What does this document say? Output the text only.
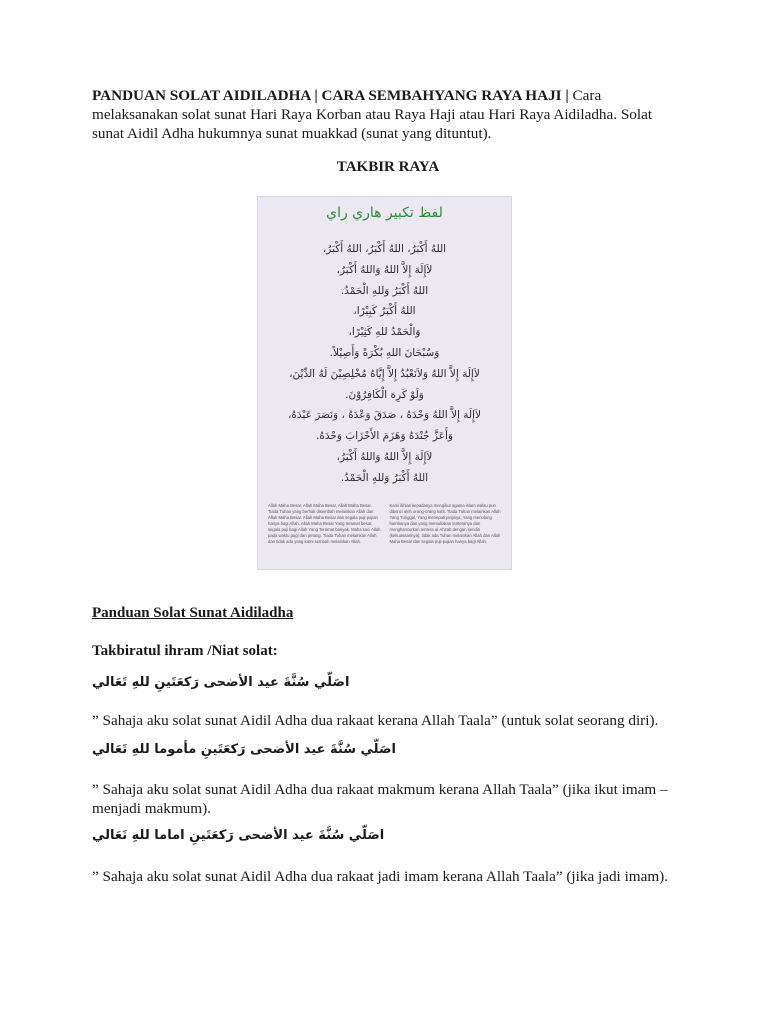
PANDUAN SOLAT AIDILADHA | CARA SEMBAHYANG RAYA HAJI | Cara melaksanakan solat sunat Hari Raya Korban atau Raya Haji atau Hari Raya Aidiladha. Solat sunat Aidil Adha hukumnya sunat muakkad (sunat yang dituntut).

TAKBIR RAYA

لفظ تكبير هاري راي
اللهُ أَكْبَرُ، اللهُ أَكْبَرُ، اللهُ أَكْبَرُ،
لاَإِلَهَ إِلاَّ اللهُ وَاللهُ أَكْبَرُ،
اللهُ أَكْبَرُ وَللهِ الْحَمْدُ.
اللهُ أَكْبَرُ كَبِيْرًا،
وَالْحَمْدُ للهِ كَثِيْرًا،
وَسُبْحَانَ اللهِ بُكْرَةً وَأَصِيْلاً.
لاَإِلَهَ إِلاَّ اللهُ وَلاَنَعْبُدُ إِلاَّ إِيَّاهُ مُخْلِصِيْنَ لَهُ الدِّيْنَ،
وَلَوْ كَرِهَ الْكَافِرُوْنَ.
لاَإِلَهَ إِلاَّ اللهُ وَحْدَهُ ، صَدَقَ وَعْدَهُ ، وَنَصَرَ عَبْدَهُ،
وَأَعَزَّ جُنْدَهُ وَهَزَمَ الأَحْزَابَ وَحْدَهُ.
لاَإِلَهَ إِلاَّ اللهُ وَاللهُ أَكْبَرُ،
اللهُ أَكْبَرُ وَللهِ الْحَمْدُ.
Allah Maha Besar, Allah Maha Besar, Allah Maha Besar. Tiada Tuhan yang berhak disembah melainkan Allah dan Allah Maha Besar. Allah Maha Besar dan segala puji-pujian hanya bagi Allah. Allah Maha Besar Yang teramat besar, segala puji bagi Allah Yang Teramat banyak. Maha suci Allah pada waktu pagi dan petang. Tiada Tuhan melainkan Allah dan tidak ada yang kami sembah melainkan Allah.
Kami ikhlas kepadanya mengikut agama islam walau pun dibenci oleh orang-orang kafir. Tiada Tuhan melainkan Allah Yang Tunggal, Yang menepati janjinya, Yang menolong hambanya dan yang memuliakan tenteranya dan menghancurkan tentera al-Ahzab dengan sendiri (kekuasaannya), tidak ada Tuhan melainkan Allah dan Allah Maha Besar dan segala puji-pujian hanya bagi Allah.

Panduan Solat Sunat Aidiladha

Takbiratul ihram /Niat solat:

اصَلّي سُنَّةَ عيد الأضحى رَكعَتَينِ للهِ تَعَالي

” Sahaja aku solat sunat Aidil Adha dua rakaat kerana Allah Taala” (untuk solat seorang diri).

اصَلّي سُنَّةَ عيد الأضحى رَكعَتَينِ مأموما للهِ تَعَالي

” Sahaja aku solat sunat Aidil Adha dua rakaat makmum kerana Allah Taala” (jika ikut imam – menjadi makmum).

اصَلّي سُنَّةَ عيد الأضحى رَكعَتَينِ اماما للهِ تَعَالي

” Sahaja aku solat sunat Aidil Adha dua rakaat jadi imam kerana Allah Taala” (jika jadi imam).
